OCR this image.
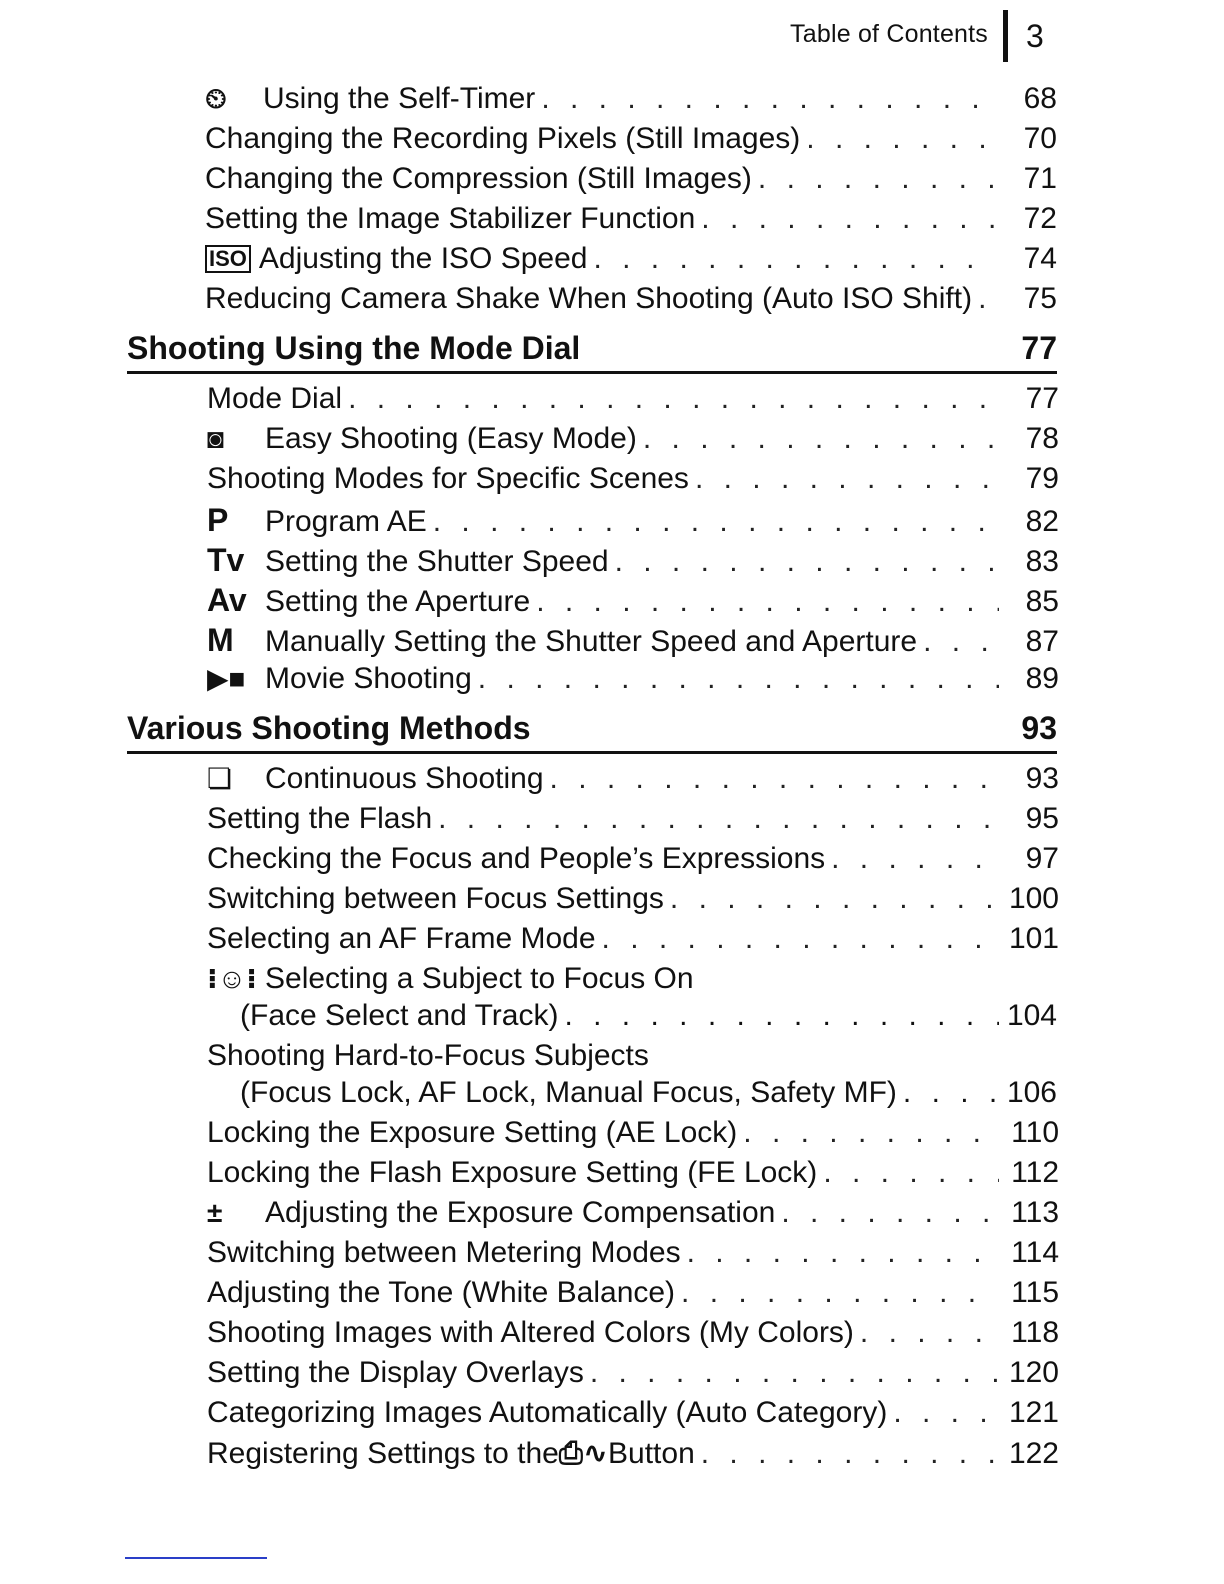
Table of Contents 3
⏲	Using the Self-Timer . . .	68
Changing the Recording Pixels (Still Images) . . .	70
Changing the Compression (Still Images) . . .	71
Setting the Image Stabilizer Function . . .	72
ISO Adjusting the ISO Speed . . .	74
Reducing Camera Shake When Shooting (Auto ISO Shift) . . .	75
Shooting Using the Mode Dial	77
Mode Dial . . .	77
◙	Easy Shooting (Easy Mode) . . .	78
Shooting Modes for Specific Scenes . . .	79
P	Program AE . . .	82
Tv Setting the Shutter Speed . . .	83
Av Setting the Aperture . . .	85
M	Manually Setting the Shutter Speed and Aperture . . .	87
▶■ Movie Shooting . . .	89
Various Shooting Methods	93
❏	Continuous Shooting . . .	93
Setting the Flash . . .	95
Checking the Focus and People’s Expressions . . .	97
Switching between Focus Settings . . .	100
Selecting an AF Frame Mode . . .	101
⁝☺⁝ Selecting a Subject to Focus On
(Face Select and Track) . . .	104
Shooting Hard-to-Focus Subjects
(Focus Lock, AF Lock, Manual Focus, Safety MF) . . .	106
Locking the Exposure Setting (AE Lock) . . .	110
Locking the Flash Exposure Setting (FE Lock) . . .	112
±	Adjusting the Exposure Compensation . . .	113
Switching between Metering Modes . . .	114
Adjusting the Tone (White Balance) . . .	115
Shooting Images with Altered Colors (My Colors) . . .	118
Setting the Display Overlays . . .	120
Categorizing Images Automatically (Auto Category) . . .	121
Registering Settings to the ⎙∿ Button . . .	122
